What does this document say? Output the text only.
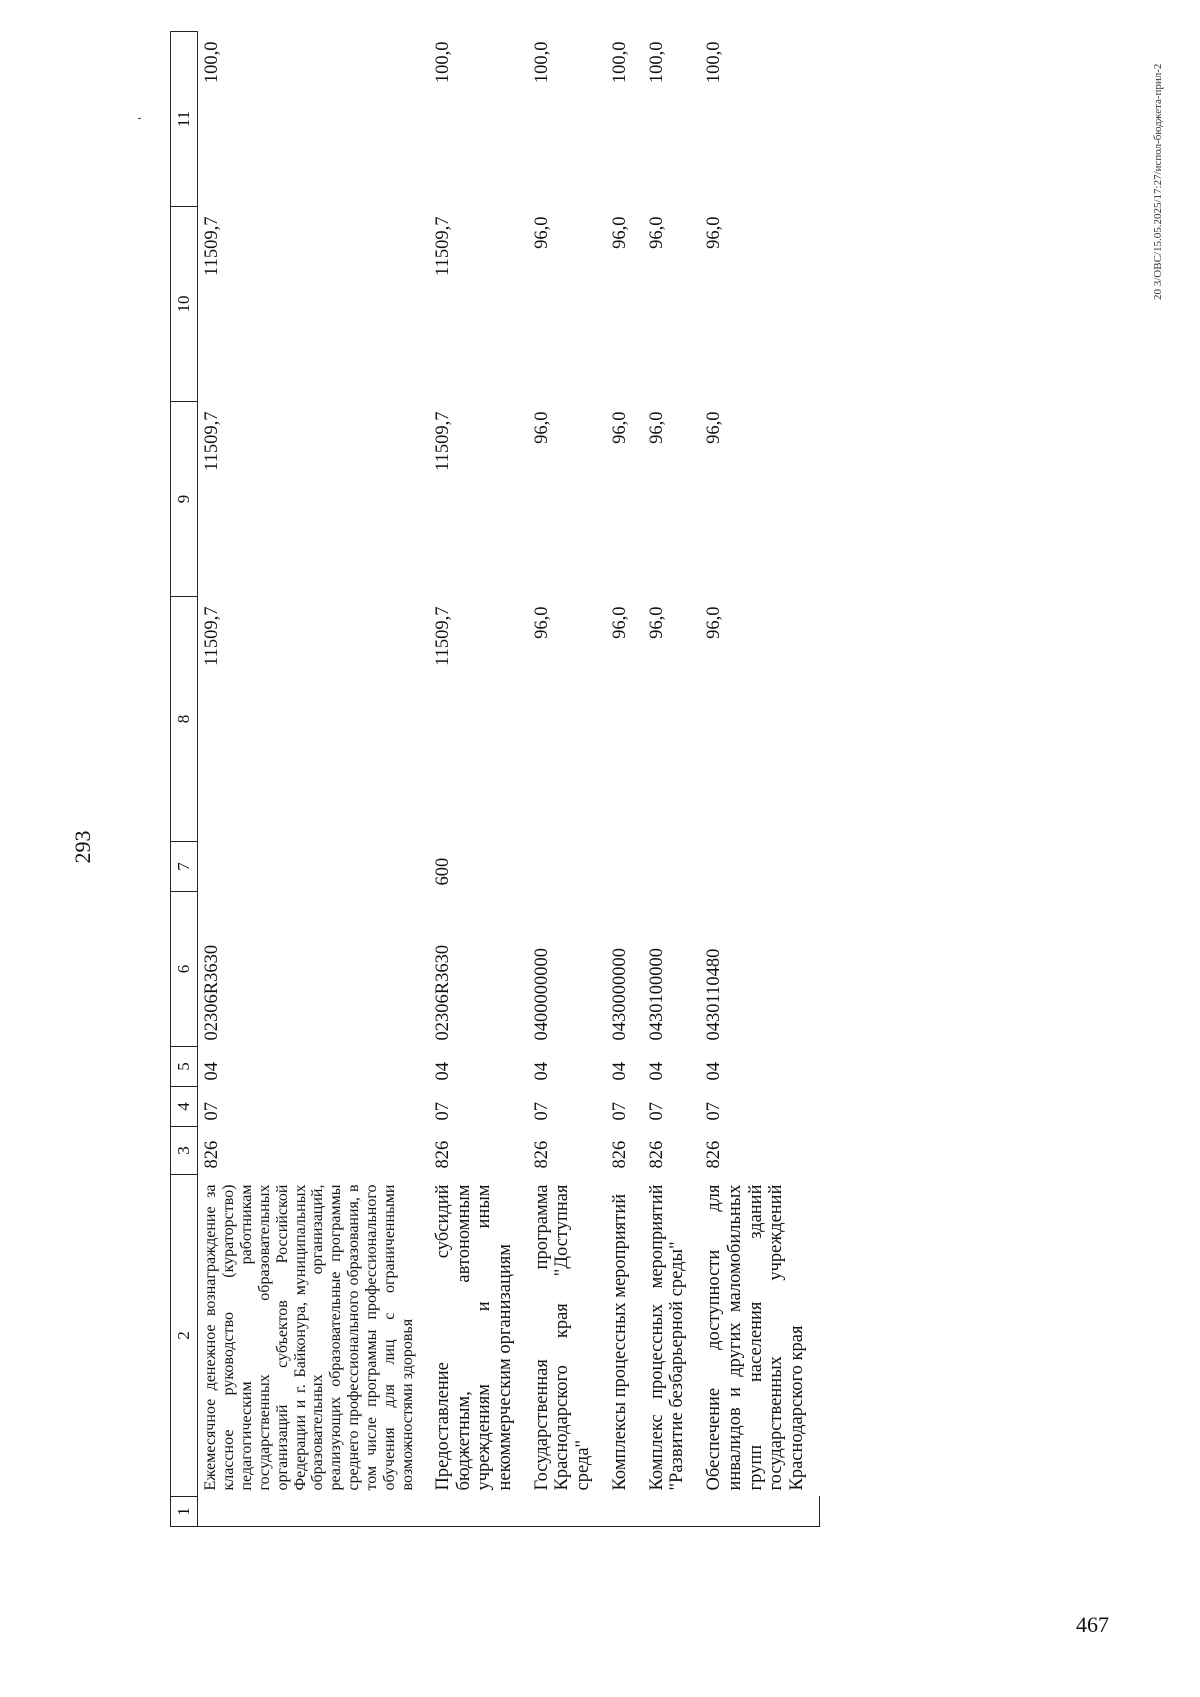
293
1	2	3	4	5	6	7	8	9	10	11
	Ежемесячное денежное вознаграждение за классное руководство (кураторство) педагогическим работникам государственных образовательных организаций субъектов Российской Федерации и г. Байконура, муниципальных образовательных организаций, реализующих образовательные программы среднего профессионального образования, в том числе программы профессионального обучения для лиц с ограниченными возможностями здоровья	826	07	04	02306R3630		11509,7	11509,7	11509,7	100,0
	Предоставление субсидий бюджетным, автономным учреждениям и иным некоммерческим организациям	826	07	04	02306R3630	600	11509,7	11509,7	11509,7	100,0
	Государственная программа Краснодарского края "Доступная среда"	826	07	04	0400000000		96,0	96,0	96,0	100,0
	Комплексы процессных мероприятий	826	07	04	0430000000		96,0	96,0	96,0	100,0
	Комплекс процессных мероприятий "Развитие безбарьерной среды"	826	07	04	0430100000		96,0	96,0	96,0	100,0
	Обеспечение доступности для инвалидов и других маломобильных групп населения зданий государственных учреждений Краснодарского края	826	07	04	0430110480		96,0	96,0	96,0	100,0
20 3/ОВС/15.05.2025/17:27/испол-бюджета-прил-2
467
